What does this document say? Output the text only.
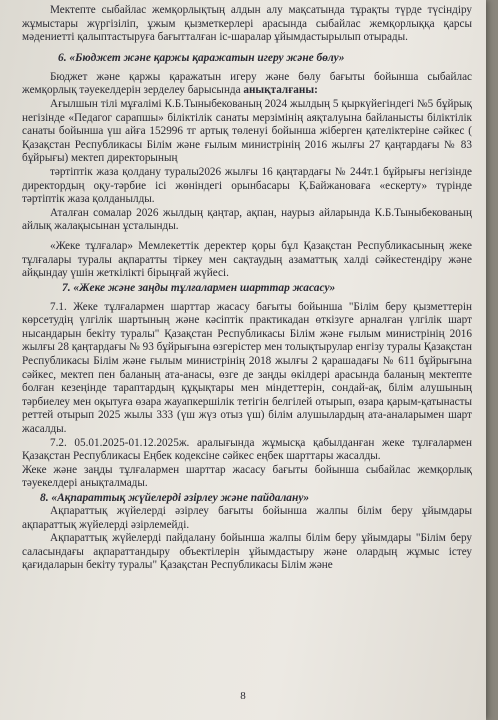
Мектепте сыбайлас жемқорлықтың алдын алу мақсатында тұрақты түрде түсіндіру жұмыстары жүргізіліп, ұжым қызметкерлері арасында сыбайлас жемқорлыққа қарсы мәдениетті қалыптастыруға бағытталған іс-шаралар ұйымдастырылып отырады.

6. «Бюджет және қаржы қаражатын игеру және бөлу»

Бюджет және қаржы қаражатын игеру және бөлу бағыты бойынша сыбайлас жемқорлық тәуекелдерін зерделеу барысында анықталғаны:

Ағылшын тілі мұғалімі К.Б.Тыныбекованың 2024 жылдың 5 қыркүйегіндегі №5 бұйрық негізінде «Педагог сарапшы» біліктілік санаты мерзімінің аяқталуына байланысты біліктілік санаты бойынша үш айға 152996 тг артық төленуі бойынша жіберген қателіктеріне сәйкес ( Қазақстан Республикасы Білім және ғылым министрінің 2016 жылғы 27 қаңтардағы № 83 бұйрығы) мектеп директорының

тәртіптік жаза қолдану туралы2026 жылғы 16 қаңтардағы № 244т.1 бұйрығы негізінде директордың оқу-тәрбие ісі жөніндегі орынбасары Қ.Байжановаға «ескерту» түрінде тәртіптік жаза қолданылды.

Аталған сомалар 2026 жылдың қаңтар, ақпан, наурыз айларында К.Б.Тыныбекованың айлық жалақысынан ұсталынды.

«Жеке тұлғалар» Мемлекеттік деректер қоры бұл Қазақстан Республикасының жеке тұлғалары туралы ақпаратты тіркеу мен сақтаудың азаматтық халді сәйкестендіру және айқындау үшін жеткілікті бірыңғай жүйесі.

7. «Жеке және заңды тұлғалармен шарттар жасасу»

7.1. Жеке тұлғалармен шарттар жасасу бағыты бойынша "Білім беру қызметтерін көрсетудің үлгілік шартының және кәсіптік практикадан өткізуге арналған үлгілік шарт нысандарын бекіту туралы" Қазақстан Республикасы Білім және ғылым министрінің 2016 жылғы 28 қаңтардағы № 93 бұйрығына өзгерістер мен толықтырулар енгізу туралы Қазақстан Республикасы Білім және ғылым министрінің 2018 жылғы 2 қарашадағы № 611 бұйрығына сәйкес, мектеп пен баланың ата-анасы, өзге де заңды өкілдері арасында баланың мектепте болған кезеңінде тараптардың құқықтары мен міндеттерін, сондай-ақ, білім алушының тәрбиелеу мен оқытуға өзара жауапкершілік тетігін белгілей отырып, өзара қарым-қатынасты реттей отырып 2025 жылы 333 (үш жүз отыз үш) білім алушылардың ата-аналарымен шарт жасалды.

7.2. 05.01.2025-01.12.2025ж. аралығында жұмысқа қабылданған жеке тұлғалармен Қазақстан Республикасы Еңбек кодексіне сәйкес еңбек шарттары жасалды.

Жеке және заңды тұлғалармен шарттар жасасу бағыты бойынша сыбайлас жемқорлық тәуекелдері анықталмады.

8. «Ақпараттық жүйелерді әзірлеу және пайдалану»

Ақпараттық жүйелерді әзірлеу бағыты бойынша жалпы білім беру ұйымдары ақпараттық жүйелерді әзірлемейді.

Ақпараттық жүйелерді пайдалану бойынша жалпы білім беру ұйымдары "Білім беру саласындағы ақпараттандыру объектілерін ұйымдастыру және олардың жұмыс істеу қағидаларын бекіту туралы" Қазақстан Республикасы Білім және

8
